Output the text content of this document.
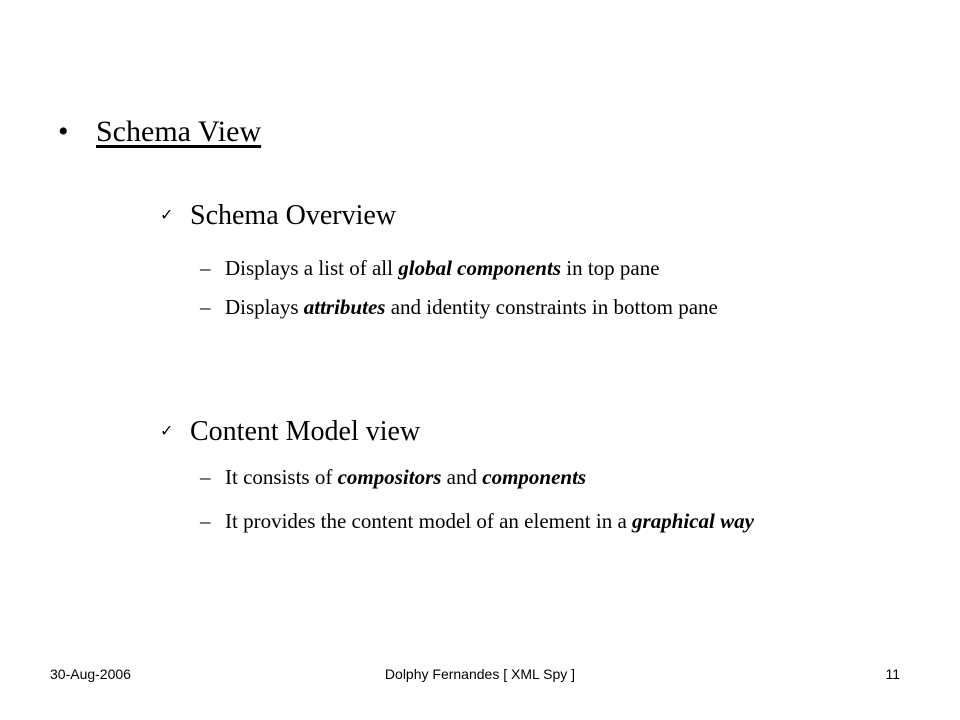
• Schema View
✓ Schema Overview
– Displays a list of all global components in top pane
– Displays attributes and identity constraints in bottom pane
✓ Content Model view
– It consists of compositors and components
– It provides the content model of an element in a graphical way
30-Aug-2006	Dolphy Fernandes [ XML Spy ]	11
